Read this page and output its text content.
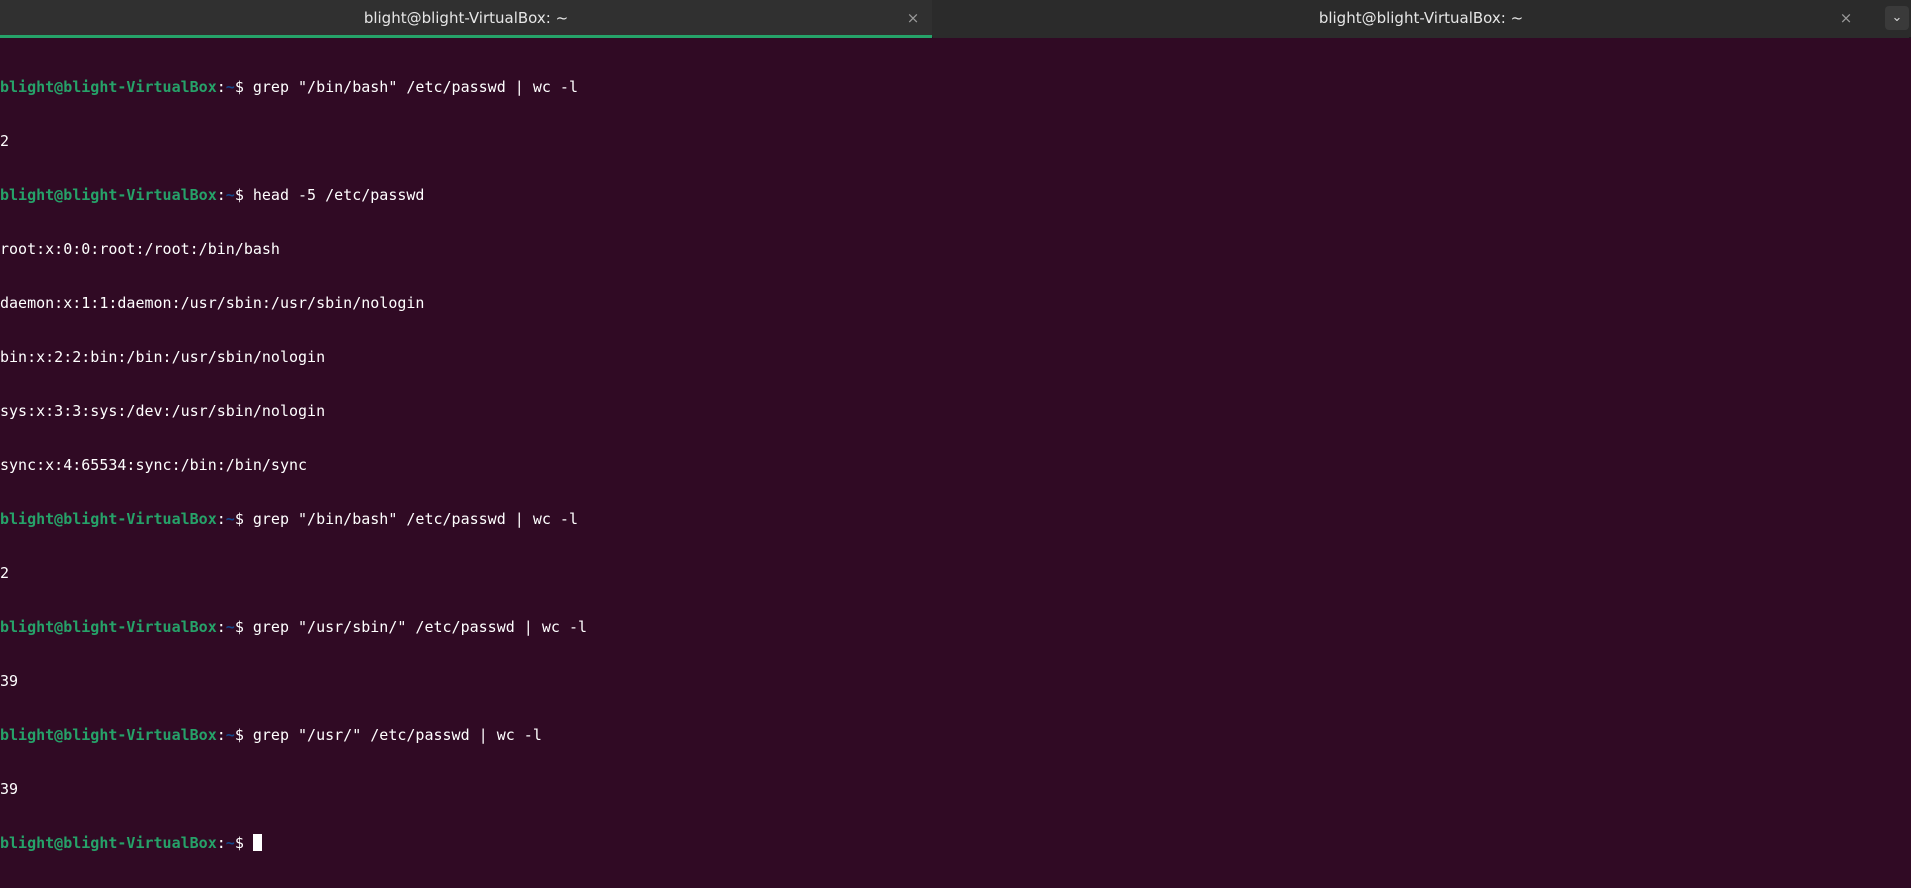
blight@blight-VirtualBox: ~	×	blight@blight-VirtualBox: ~	×	⌄

blight@blight-VirtualBox:~$ grep "/bin/bash" /etc/passwd | wc -l

2

blight@blight-VirtualBox:~$ head -5 /etc/passwd

root:x:0:0:root:/root:/bin/bash

daemon:x:1:1:daemon:/usr/sbin:/usr/sbin/nologin

bin:x:2:2:bin:/bin:/usr/sbin/nologin

sys:x:3:3:sys:/dev:/usr/sbin/nologin

sync:x:4:65534:sync:/bin:/bin/sync

blight@blight-VirtualBox:~$ grep "/bin/bash" /etc/passwd | wc -l

2

blight@blight-VirtualBox:~$ grep "/usr/sbin/" /etc/passwd | wc -l

39

blight@blight-VirtualBox:~$ grep "/usr/" /etc/passwd | wc -l

39

blight@blight-VirtualBox:~$
